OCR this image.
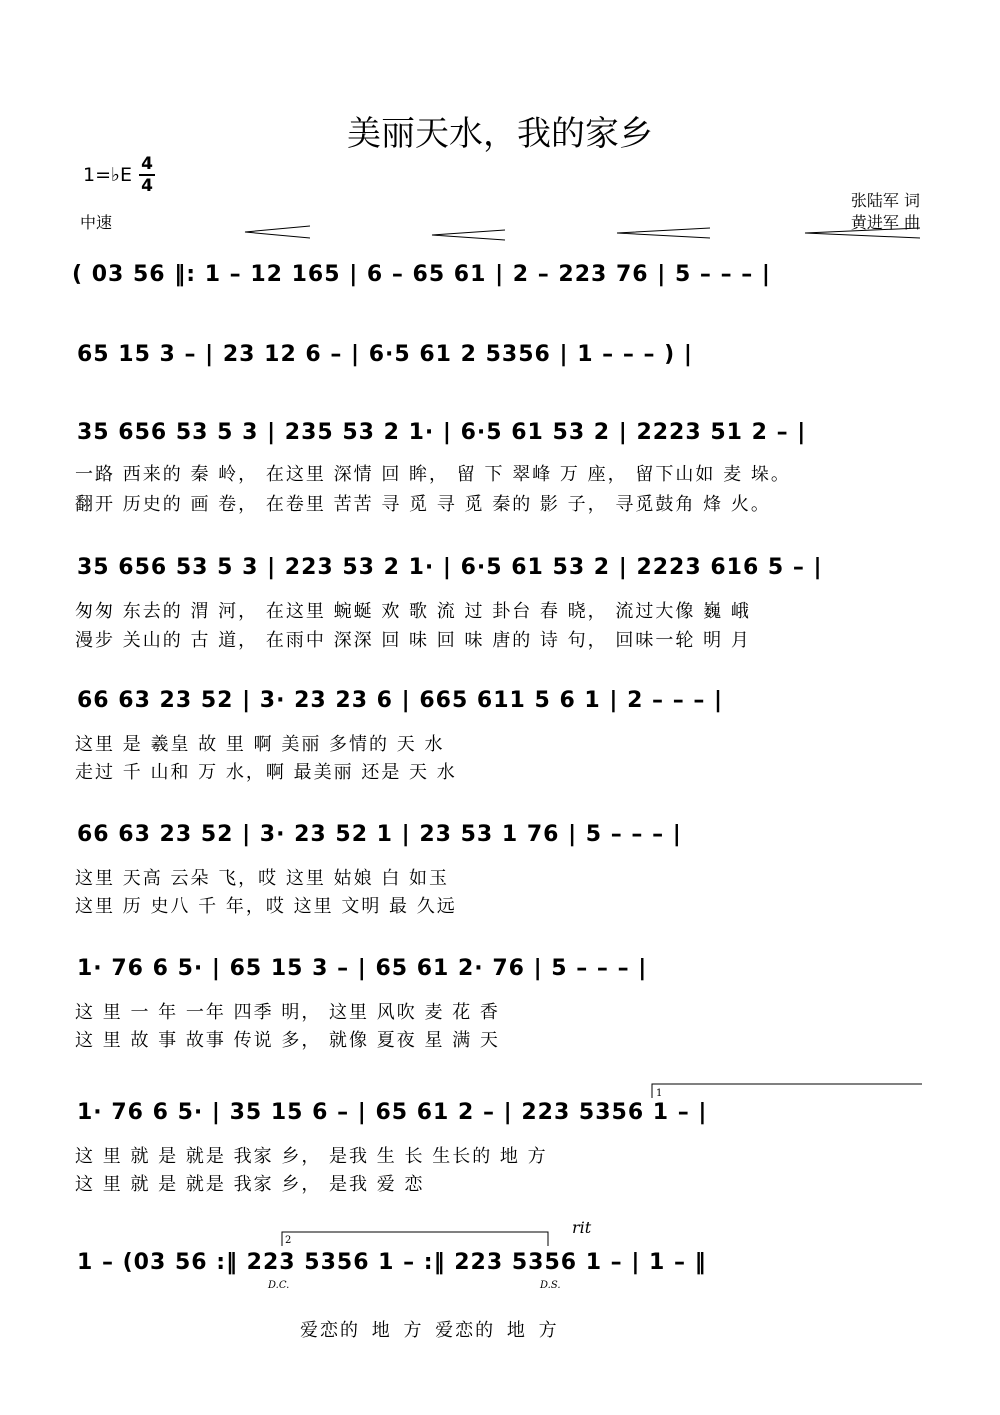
美丽天水，我的家乡
1=♭E 4
4
中速
张陆军 词
黄进军 曲
( 03 56 ‖: 1 – 12 165 | 6 – 65 61 | 2 – 223 76 | 5 – – – |
65 15 3 – | 23 12 6 – | 6·5 61 2 5356 | 1 – – – ) |
35 656 53 5 3 | 235 53 2 1· | 6·5 61 53 2 | 2223 51 2 – |
一路 西来的 秦 岭， 在这里 深情 回 眸， 留 下 翠峰 万 座， 留下山如 麦 垛。
翻开 历史的 画 卷， 在卷里 苦苦 寻 觅 寻 觅 秦的 影 子， 寻觅鼓角 烽 火。
35 656 53 5 3 | 223 53 2 1· | 6·5 61 53 2 | 2223 616 5 – |
匆匆 东去的 渭 河， 在这里 蜿蜒 欢 歌 流 过 卦台 春 晓， 流过大像 巍 峨
漫步 关山的 古 道， 在雨中 深深 回 味 回 味 唐的 诗 句， 回味一轮 明 月
66 63 23 52 | 3· 23 23 6 | 665 611 5 6 1 | 2 – – – |
这里 是 羲皇 故 里 啊 美丽 多情的 天 水
走过 千 山和 万 水，啊 最美丽 还是 天 水
66 63 23 52 | 3· 23 52 1 | 23 53 1 76 | 5 – – – |
这里 天高 云朵 飞，哎 这里 姑娘 白 如玉
这里 历 史八 千 年，哎 这里 文明 最 久远
1· 76 6 5· | 65 15 3 – | 65 61 2· 76 | 5 – – – |
这 里 一 年 一年 四季 明， 这里 风吹 麦 花 香
这 里 故 事 故事 传说 多， 就像 夏夜 星 满 天
1· 76 6 5· | 35 15 6 – | 65 61 2 – | 223 5356 1 – |
这 里 就 是 就是 我家 乡， 是我 生 长 生长的 地 方
这 里 就 是 就是 我家 乡， 是我 爱 恋
1
rit
1 – (03 56 :‖ 223 5356 1 – :‖ 223 5356 1 – | 1 – ‖
爱恋的 地 方 爱恋的 地 方
2
D.C.	D.S.
